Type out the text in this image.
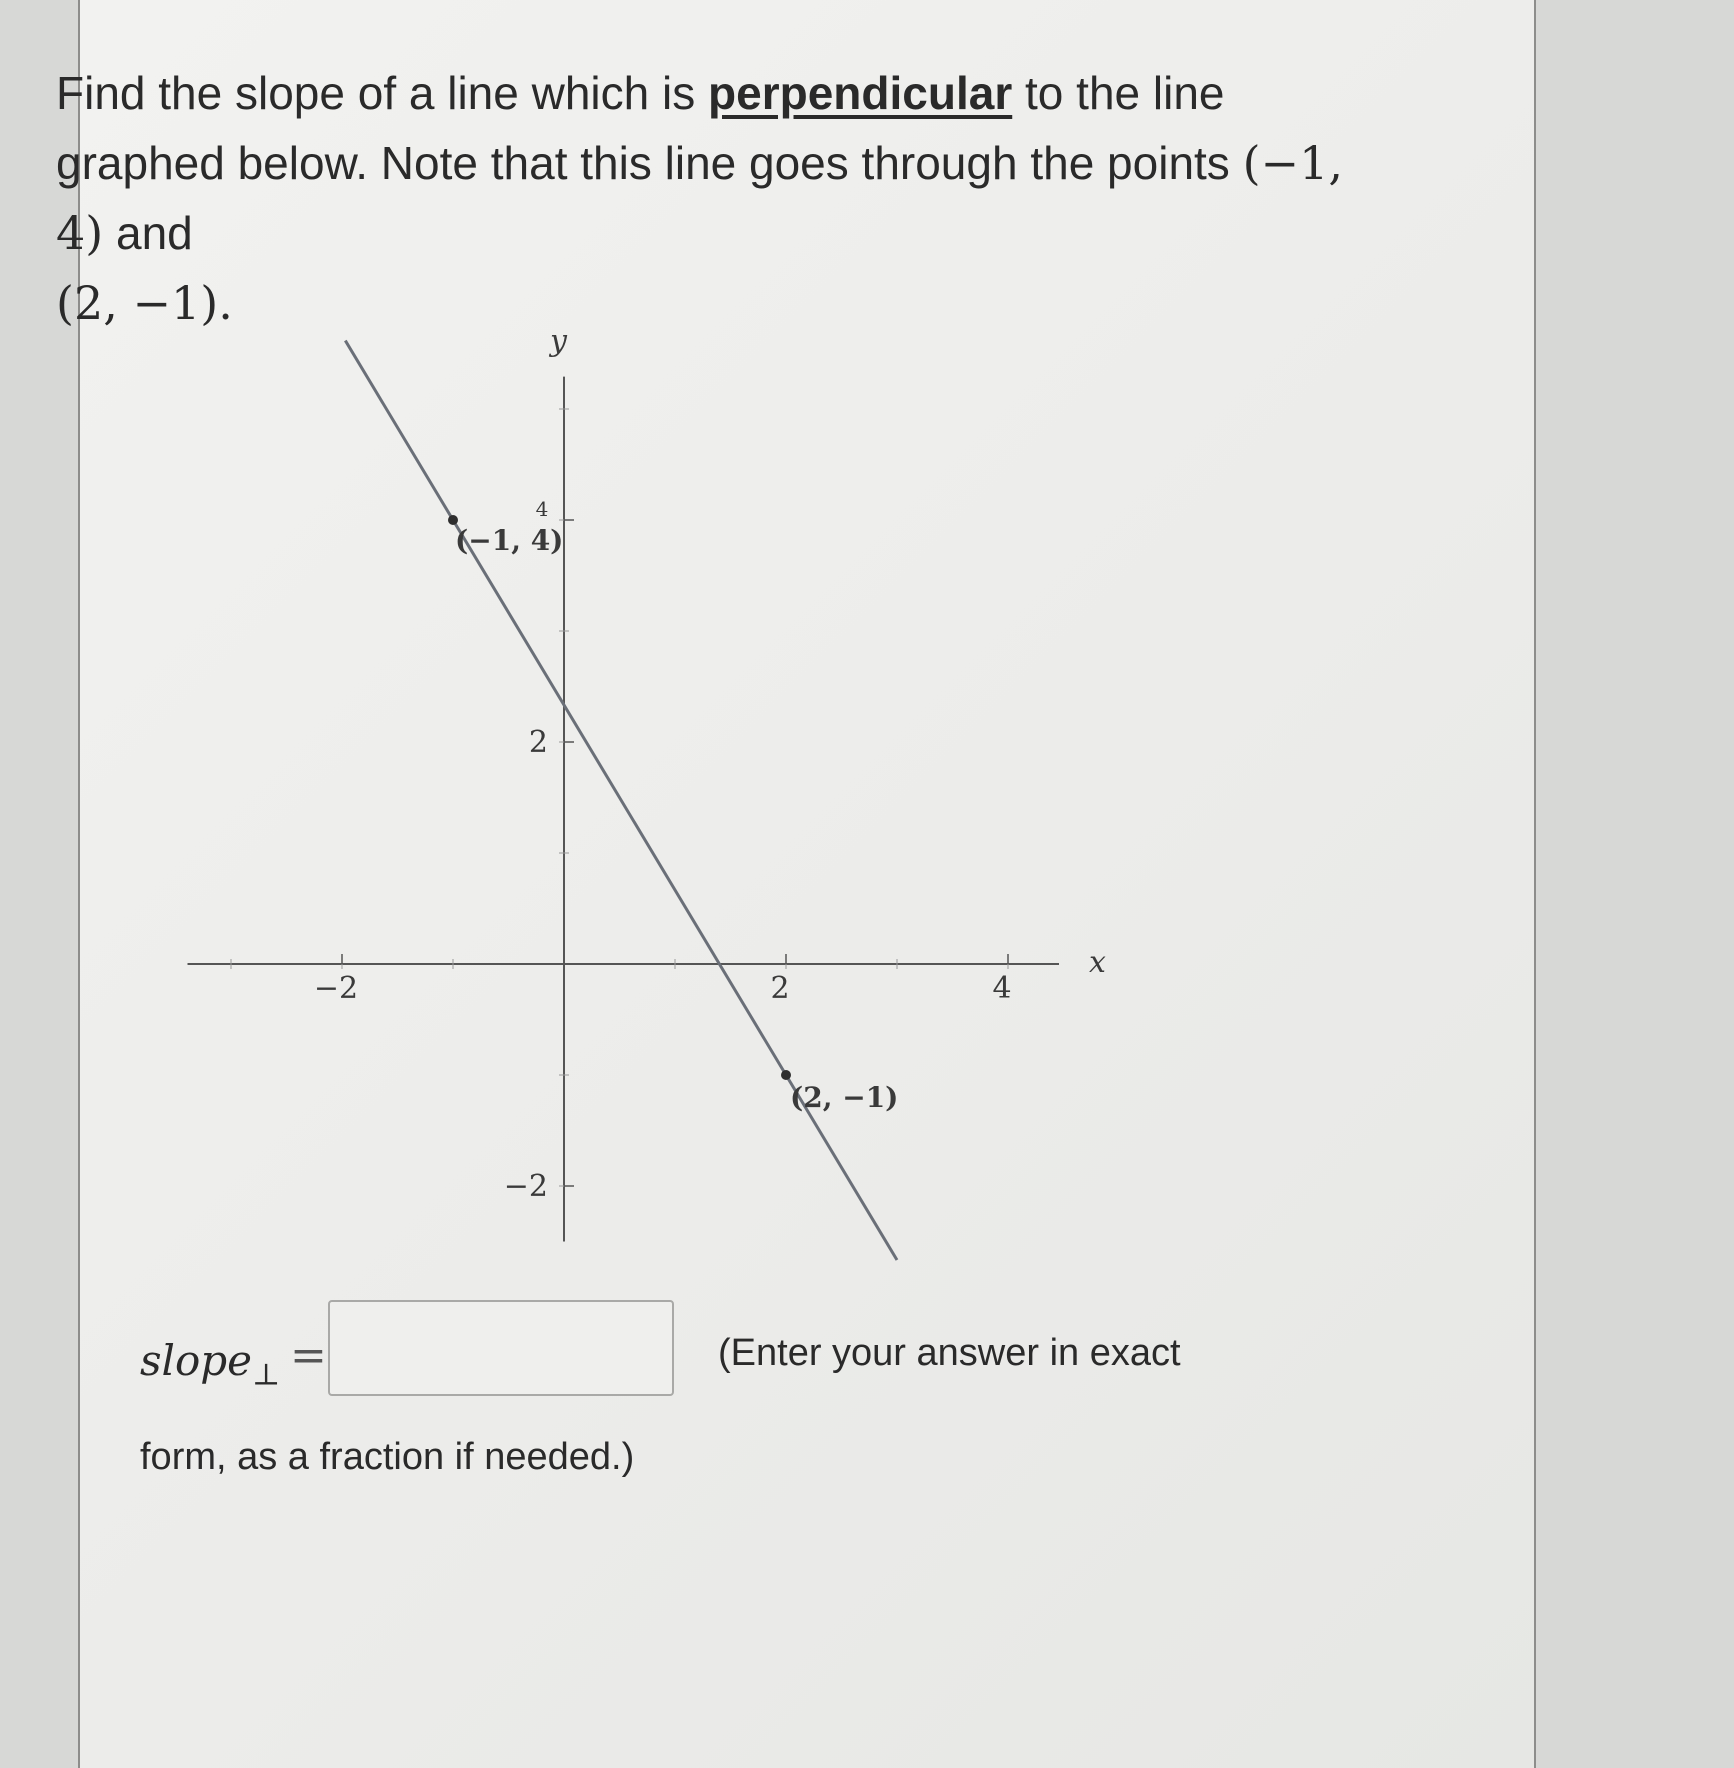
Find the slope of a line which is perpendicular to the line graphed below. Note that this line goes through the points (−1, 4) and
(2, −1).
−2	2	4
−2
2
4
x
y
(−1, 4)
(2, −1)
slope$_\perp$ =	(Enter your answer in exact
form, as a fraction if needed.)
